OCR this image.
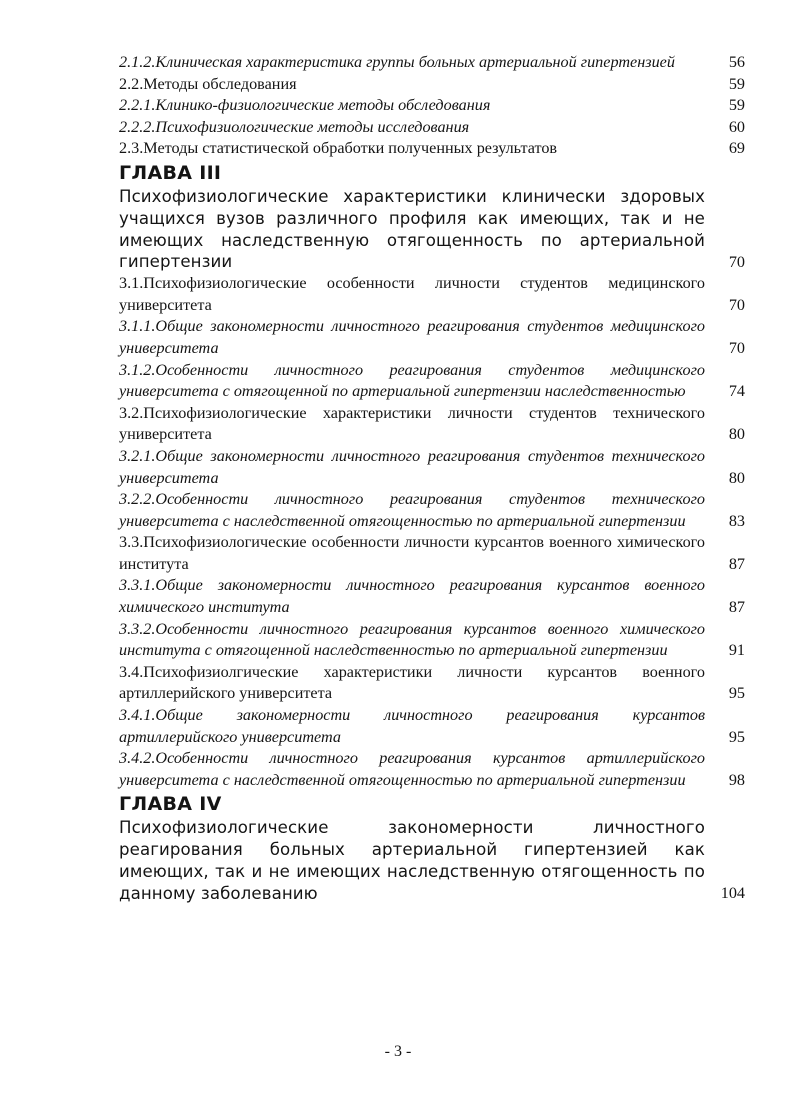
2.1.2.Клиническая характеристика группы больных артериальной гипертензией	56
2.2.Методы обследования	59
2.2.1.Клинико-физиологические методы обследования	59
2.2.2.Психофизиологические методы исследования	60
2.3.Методы статистической обработки полученных результатов	69
ГЛАВА III
Психофизиологические характеристики клинически здоровых учащихся вузов различного профиля как имеющих, так и не имеющих наследственную отягощенность по артериальной гипертензии	70
3.1.Психофизиологические особенности личности студентов медицинского университета	70
3.1.1.Общие закономерности личностного реагирования студентов медицинского университета	70
3.1.2.Особенности личностного реагирования студентов медицинского университета с отягощенной по артериальной гипертензии наследственностью	74
3.2.Психофизиологические характеристики личности студентов технического университета	80
3.2.1.Общие закономерности личностного реагирования студентов технического университета	80
3.2.2.Особенности личностного реагирования студентов технического университета с наследственной отягощенностью по артериальной гипертензии	83
3.3.Психофизиологические особенности личности курсантов военного химического института	87
3.3.1.Общие закономерности личностного реагирования курсантов военного химического института	87
3.3.2.Особенности личностного реагирования курсантов военного химического института с отягощенной наследственностью по артериальной гипертензии	91
3.4.Психофизиолгические характеристики личности курсантов военного артиллерийского университета	95
3.4.1.Общие закономерности личностного реагирования курсантов артиллерийского университета	95
3.4.2.Особенности личностного реагирования курсантов артиллерийского университета с наследственной отягощенностью по артериальной гипертензии	98
ГЛАВА IV
Психофизиологические закономерности личностного реагирования больных артериальной гипертензией как имеющих, так и не имеющих наследственную отягощенность по данному заболеванию	104
- 3 -
